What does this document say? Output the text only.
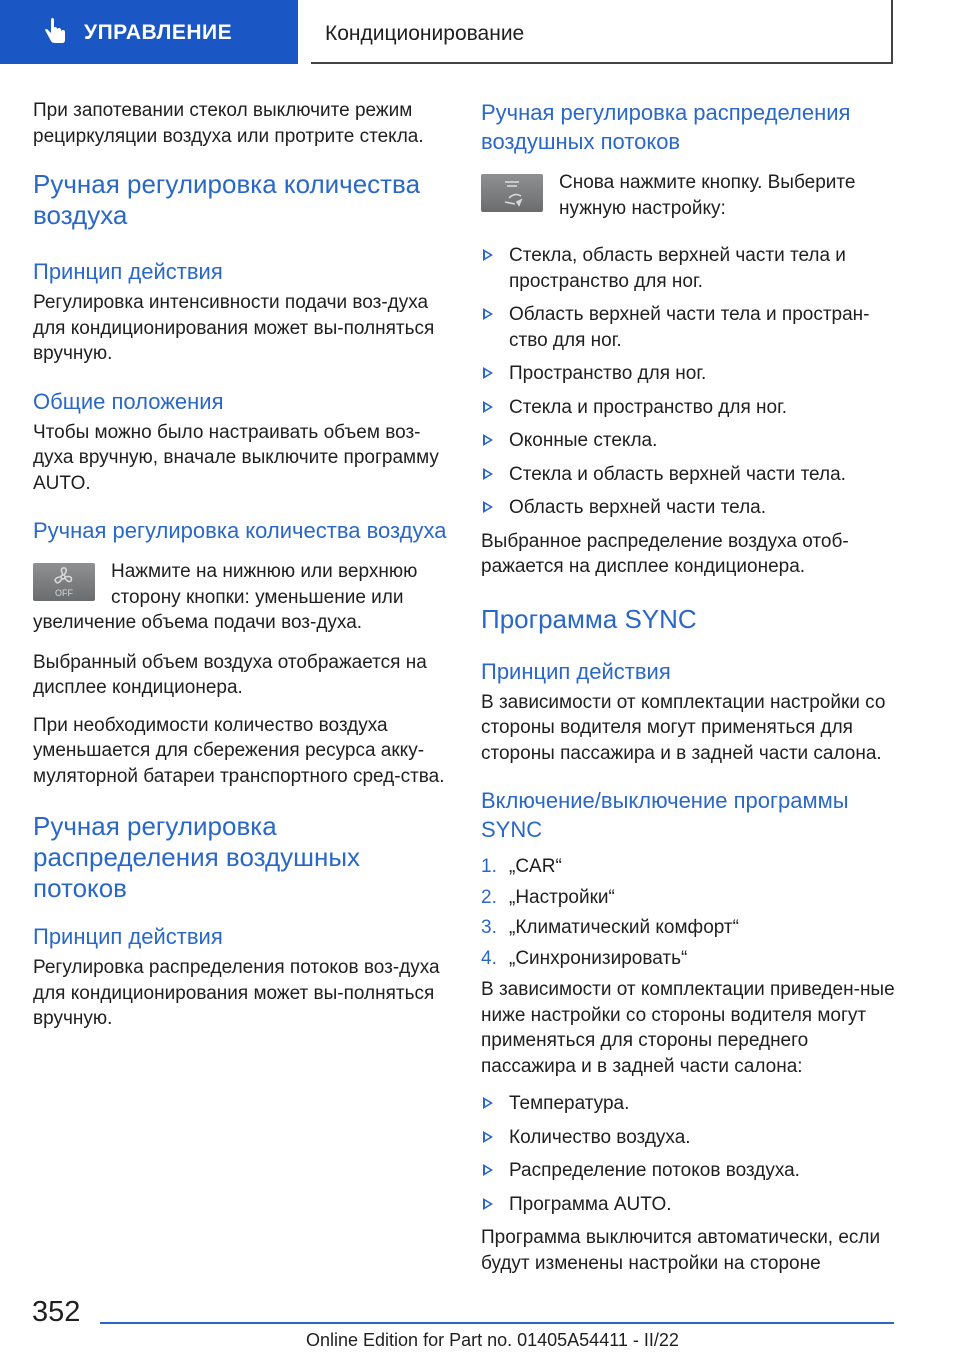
УПРАВЛЕНИЕ	Кондиционирование

При запотевании стекол выключите режим рециркуляции воздуха или протрите стекла.

Ручная регулировка количества воздуха
Принцип действия

Регулировка интенсивности подачи воз-духа для кондиционирования может вы-полняться вручную.

Общие положения

Чтобы можно было настраивать объем воз-духа вручную, вначале выключите программу AUTO.

Ручная регулировка количества воздуха
OFF

Нажмите на нижнюю или верхнюю сторону кнопки: уменьшение или увеличение объема подачи воз-духа.

Выбранный объем воздуха отображается на дисплее кондиционера.

При необходимости количество воздуха уменьшается для сбережения ресурса акку-муляторной батареи транспортного сред-ства.

Ручная регулировка распределения воздушных потоков
Принцип действия

Регулировка распределения потоков воз-духа для кондиционирования может вы-полняться вручную.

Ручная регулировка распределения воздушных потоков

Снова нажмите кнопку. Выберите нужную настройку:

Стекла, область верхней части тела и пространство для ног.
Область верхней части тела и простран-ство для ног.
Пространство для ног.
Стекла и пространство для ног.
Оконные стекла.
Стекла и область верхней части тела.
Область верхней части тела.

Выбранное распределение воздуха отоб-ражается на дисплее кондиционера.

Программа SYNC
Принцип действия

В зависимости от комплектации настройки со стороны водителя могут применяться для стороны пассажира и в задней части салона.

Включение/выключение программы SYNC
1. „CAR“
2. „Настройки“
3. „Климатический комфорт“
4. „Синхронизировать“

В зависимости от комплектации приведен-ные ниже настройки со стороны водителя могут применяться для стороны переднего пассажира и в задней части салона:

Температура.
Количество воздуха.
Распределение потоков воздуха.
Программа AUTO.

Программа выключится автоматически, если будут изменены настройки на стороне

352
Online Edition for Part no. 01405A54411 - II/22
